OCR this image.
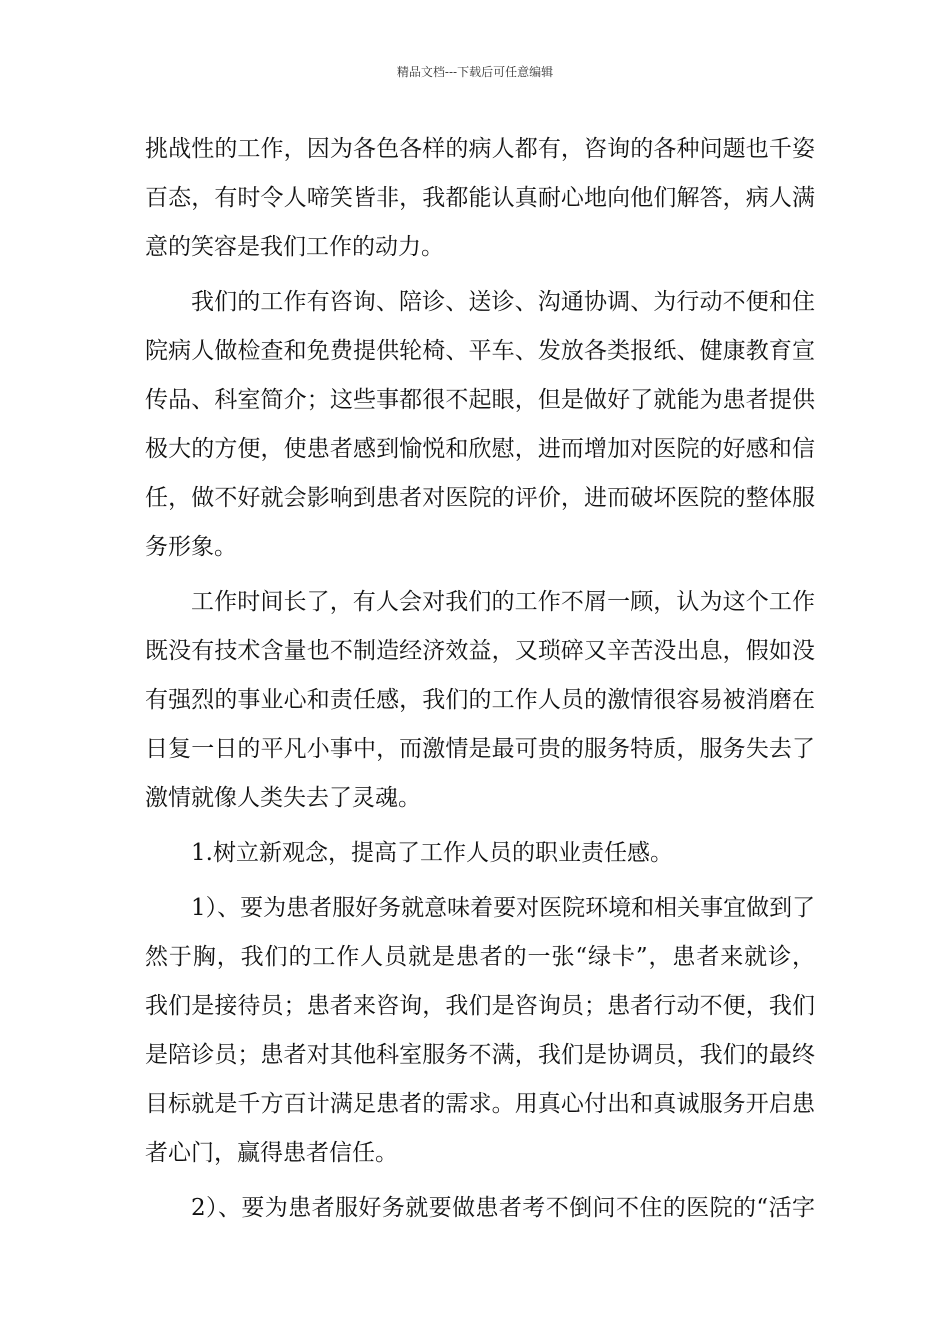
精品文档---下载后可任意编辑

挑战性的工作，因为各色各样的病人都有，咨询的各种问题也千姿
百态，有时令人啼笑皆非，我都能认真耐心地向他们解答，病人满
意的笑容是我们工作的动力。

我们的工作有咨询、陪诊、送诊、沟通协调、为行动不便和住
院病人做检查和免费提供轮椅、平车、发放各类报纸、健康教育宣
传品、科室简介；这些事都很不起眼，但是做好了就能为患者提供
极大的方便，使患者感到愉悦和欣慰，进而增加对医院的好感和信
任，做不好就会影响到患者对医院的评价，进而破坏医院的整体服
务形象。

工作时间长了，有人会对我们的工作不屑一顾，认为这个工作
既没有技术含量也不制造经济效益，又琐碎又辛苦没出息，假如没
有强烈的事业心和责任感，我们的工作人员的激情很容易被消磨在
日复一日的平凡小事中，而激情是最可贵的服务特质，服务失去了
激情就像人类失去了灵魂。

1.树立新观念，提高了工作人员的职业责任感。

1）、要为患者服好务就意味着要对医院环境和相关事宜做到了
然于胸，我们的工作人员就是患者的一张“绿卡”，患者来就诊，
我们是接待员；患者来咨询，我们是咨询员；患者行动不便，我们
是陪诊员；患者对其他科室服务不满，我们是协调员，我们的最终
目标就是千方百计满足患者的需求。用真心付出和真诚服务开启患
者心门，赢得患者信任。

2）、要为患者服好务就要做患者考不倒问不住的医院的“活字
